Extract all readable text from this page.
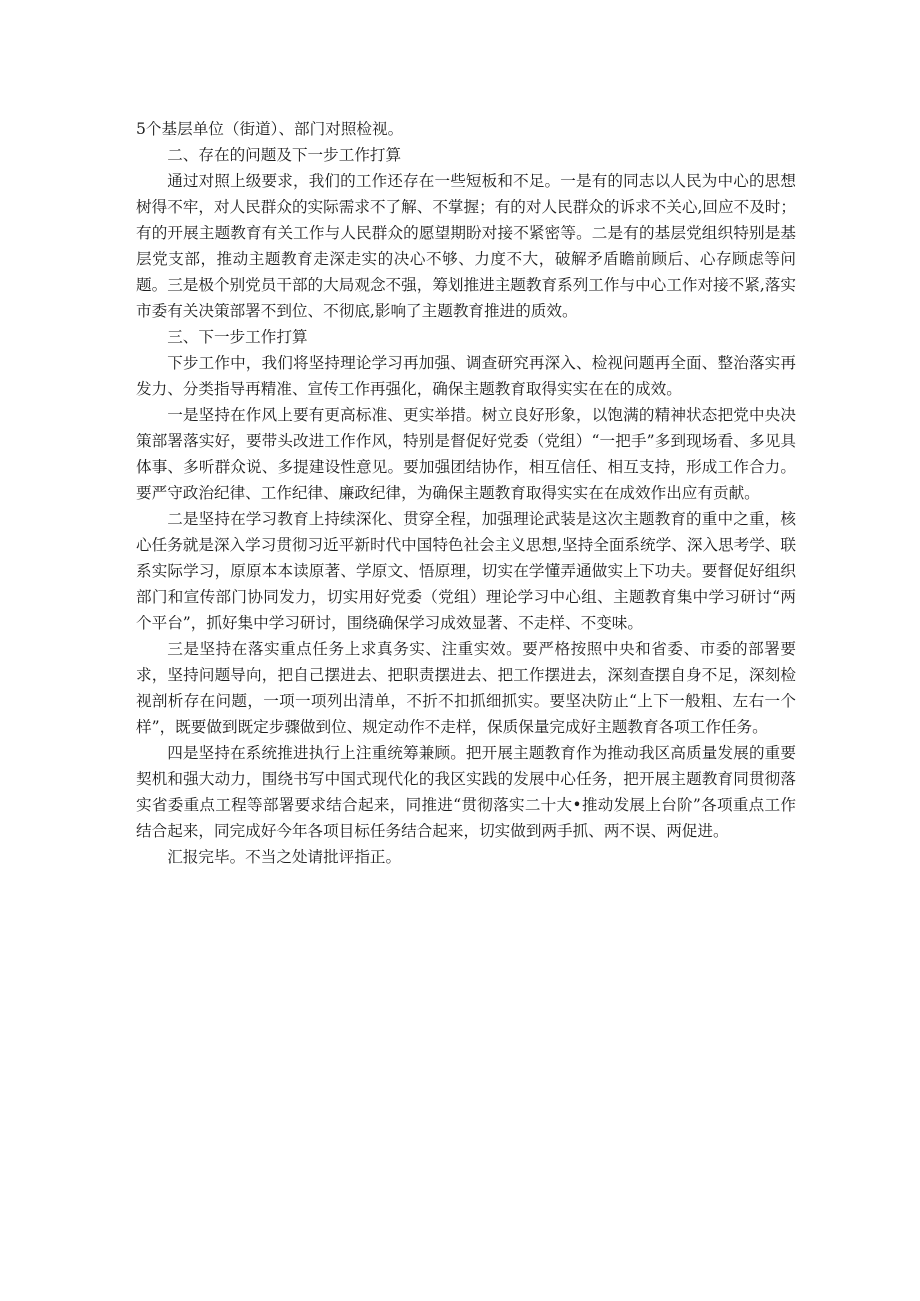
5个基层单位（街道）、部门对照检视。

二、存在的问题及下一步工作打算

通过对照上级要求，我们的工作还存在一些短板和不足。一是有的同志以人民为中心的思想树得不牢，对人民群众的实际需求不了解、不掌握；有的对人民群众的诉求不关心,回应不及时；有的开展主题教育有关工作与人民群众的愿望期盼对接不紧密等。二是有的基层党组织特别是基层党支部，推动主题教育走深走实的决心不够、力度不大，破解矛盾瞻前顾后、心存顾虑等问题。三是极个别党员干部的大局观念不强，筹划推进主题教育系列工作与中心工作对接不紧,落实市委有关决策部署不到位、不彻底,影响了主题教育推进的质效。

三、下一步工作打算

下步工作中，我们将坚持理论学习再加强、调查研究再深入、检视问题再全面、整治落实再发力、分类指导再精准、宣传工作再强化，确保主题教育取得实实在在的成效。

一是坚持在作风上要有更高标准、更实举措。树立良好形象，以饱满的精神状态把党中央决策部署落实好，要带头改进工作作风，特别是督促好党委（党组）“一把手”多到现场看、多见具体事、多听群众说、多提建设性意见。要加强团结协作，相互信任、相互支持，形成工作合力。要严守政治纪律、工作纪律、廉政纪律，为确保主题教育取得实实在在成效作出应有贡献。

二是坚持在学习教育上持续深化、贯穿全程，加强理论武装是这次主题教育的重中之重，核心任务就是深入学习贯彻习近平新时代中国特色社会主义思想,坚持全面系统学、深入思考学、联系实际学习，原原本本读原著、学原文、悟原理，切实在学懂弄通做实上下功夫。要督促好组织部门和宣传部门协同发力，切实用好党委（党组）理论学习中心组、主题教育集中学习研讨“两个平台”，抓好集中学习研讨，围绕确保学习成效显著、不走样、不变味。

三是坚持在落实重点任务上求真务实、注重实效。要严格按照中央和省委、市委的部署要求，坚持问题导向，把自己摆进去、把职责摆进去、把工作摆进去，深刻查摆自身不足，深刻检视剖析存在问题，一项一项列出清单，不折不扣抓细抓实。要坚决防止“上下一般粗、左右一个样”，既要做到既定步骤做到位、规定动作不走样，保质保量完成好主题教育各项工作任务。

四是坚持在系统推进执行上注重统筹兼顾。把开展主题教育作为推动我区高质量发展的重要契机和强大动力，围绕书写中国式现代化的我区实践的发展中心任务，把开展主题教育同贯彻落实省委重点工程等部署要求结合起来，同推进“贯彻落实二十大•推动发展上台阶”各项重点工作结合起来，同完成好今年各项目标任务结合起来，切实做到两手抓、两不误、两促进。

汇报完毕。不当之处请批评指正。
